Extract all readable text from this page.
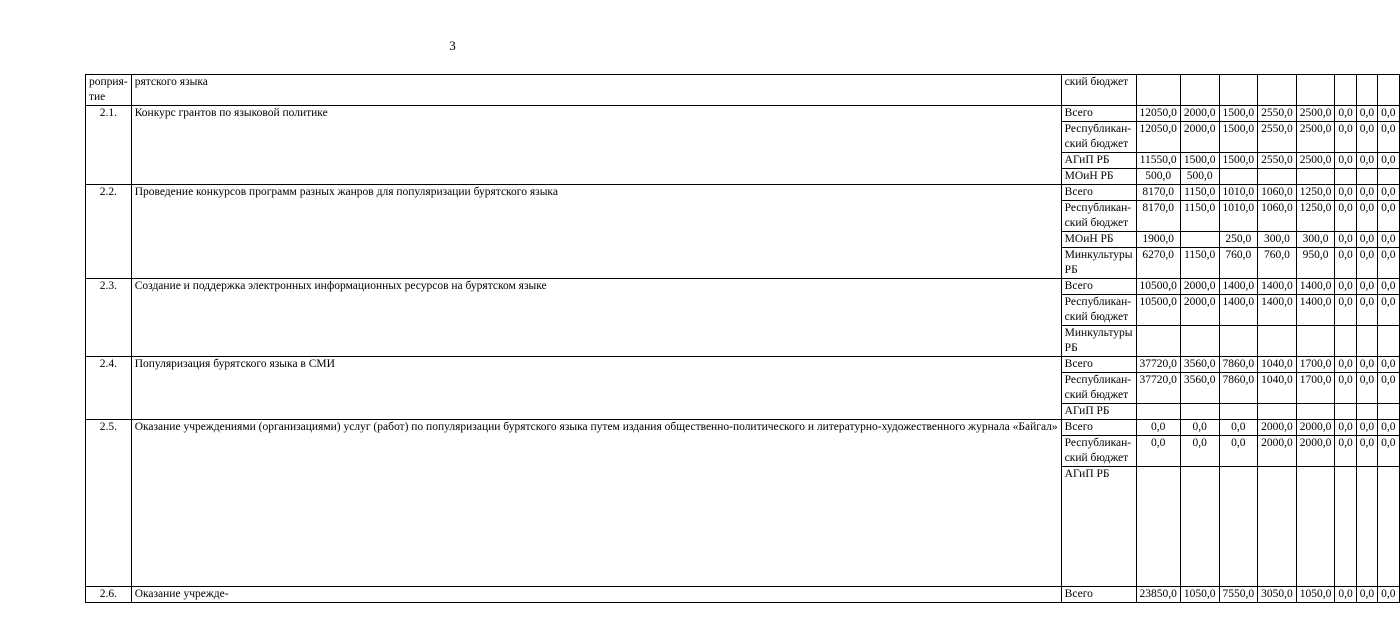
3
роприя-
тие	рятского языка	ский бюджет								
2.1.	Конкурс грантов по языковой политике	Всего	12050,0	2000,0	1500,0	2550,0	2500,0	0,0	0,0	0,0
		Республикан-
ский бюджет	12050,0	2000,0	1500,0	2550,0	2500,0	0,0	0,0	0,0
		АГиП РБ	11550,0	1500,0	1500,0	2550,0	2500,0	0,0	0,0	0,0
		МОиН РБ	500,0	500,0						
2.2.	Проведение конкурсов программ разных жанров для популяризации бурятского языка	Всего	8170,0	1150,0	1010,0	1060,0	1250,0	0,0	0,0	0,0
		Республикан-
ский бюджет	8170,0	1150,0	1010,0	1060,0	1250,0	0,0	0,0	0,0
		МОиН РБ	1900,0		250,0	300,0	300,0	0,0	0,0	0,0
		Минкультуры
РБ	6270,0	1150,0	760,0	760,0	950,0	0,0	0,0	0,0
2.3.	Создание и поддержка электронных информационных ресурсов на бурятском языке	Всего	10500,0	2000,0	1400,0	1400,0	1400,0	0,0	0,0	0,0
		Республикан-
ский бюджет	10500,0	2000,0	1400,0	1400,0	1400,0	0,0	0,0	0,0
		Минкультуры
РБ								
2.4.	Популяризация бурятского языка в СМИ	Всего	37720,0	3560,0	7860,0	1040,0	1700,0	0,0	0,0	0,0
		Республикан-
ский бюджет	37720,0	3560,0	7860,0	1040,0	1700,0	0,0	0,0	0,0
		АГиП РБ								
2.5.	Оказание учреждениями (организациями) услуг (работ) по популяризации бурятского языка путем издания общественно-политического и литературно-художественного журнала «Байгал»	Всего	0,0	0,0	0,0	2000,0	2000,0	0,0	0,0	0,0
		Республикан-
ский бюджет	0,0	0,0	0,0	2000,0	2000,0	0,0	0,0	0,0
		АГиП РБ								
2.6.	Оказание учрежде-	Всего	23850,0	1050,0	7550,0	3050,0	1050,0	0,0	0,0	0,0
